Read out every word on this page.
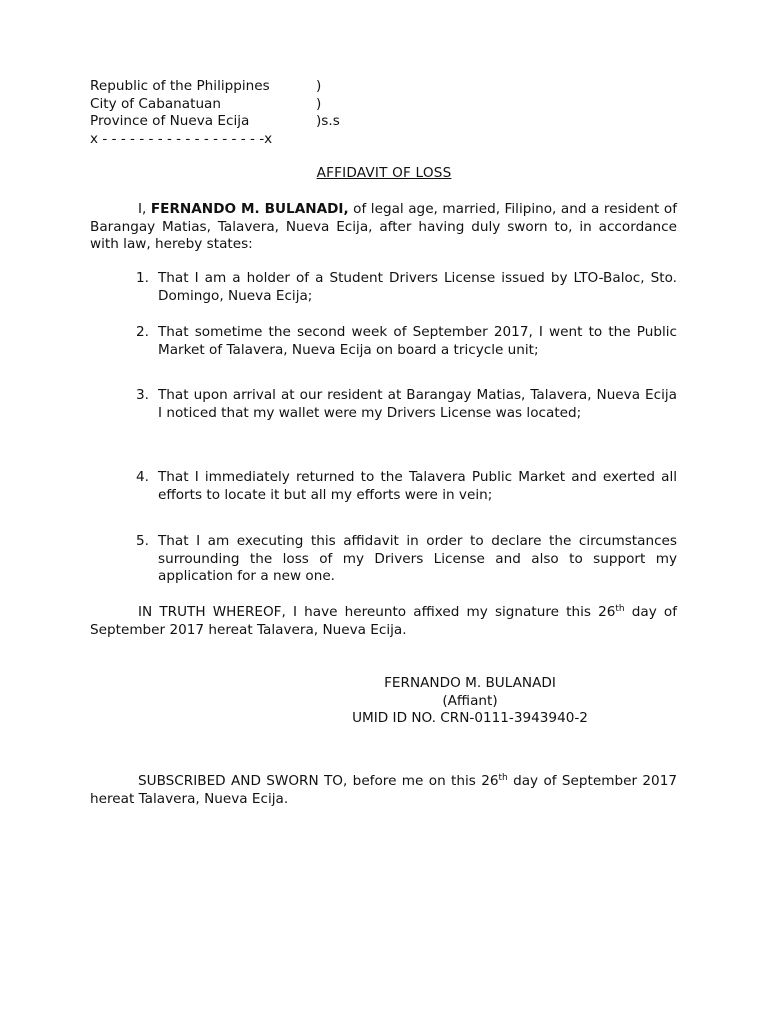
Republic of the Philippines	)
City of Cabanatuan	)
Province of Nueva Ecija	)s.s
x - - - - - - - - - - - - - - - - - -x
AFFIDAVIT OF LOSS
I, FERNANDO M. BULANADI, of legal age, married, Filipino, and a resident of Barangay Matias, Talavera, Nueva Ecija, after having duly sworn to, in accordance with law, hereby states:
1. That I am a holder of a Student Drivers License issued by LTO-Baloc, Sto. Domingo, Nueva Ecija;
2. That sometime the second week of September 2017, I went to the Public Market of Talavera, Nueva Ecija on board a tricycle unit;
3. That upon arrival at our resident at Barangay Matias, Talavera, Nueva Ecija I noticed that my wallet were my Drivers License was located;
4. That I immediately returned to the Talavera Public Market and exerted all efforts to locate it but all my efforts were in vein;
5. That I am executing this affidavit in order to declare the circumstances surrounding the loss of my Drivers License and also to support my application for a new one.
IN TRUTH WHEREOF, I have hereunto affixed my signature this 26th day of September 2017 hereat Talavera, Nueva Ecija.
FERNANDO M. BULANADI
(Affiant)
UMID ID NO. CRN-0111-3943940-2
SUBSCRIBED AND SWORN TO, before me on this 26th day of September 2017 hereat Talavera, Nueva Ecija.
